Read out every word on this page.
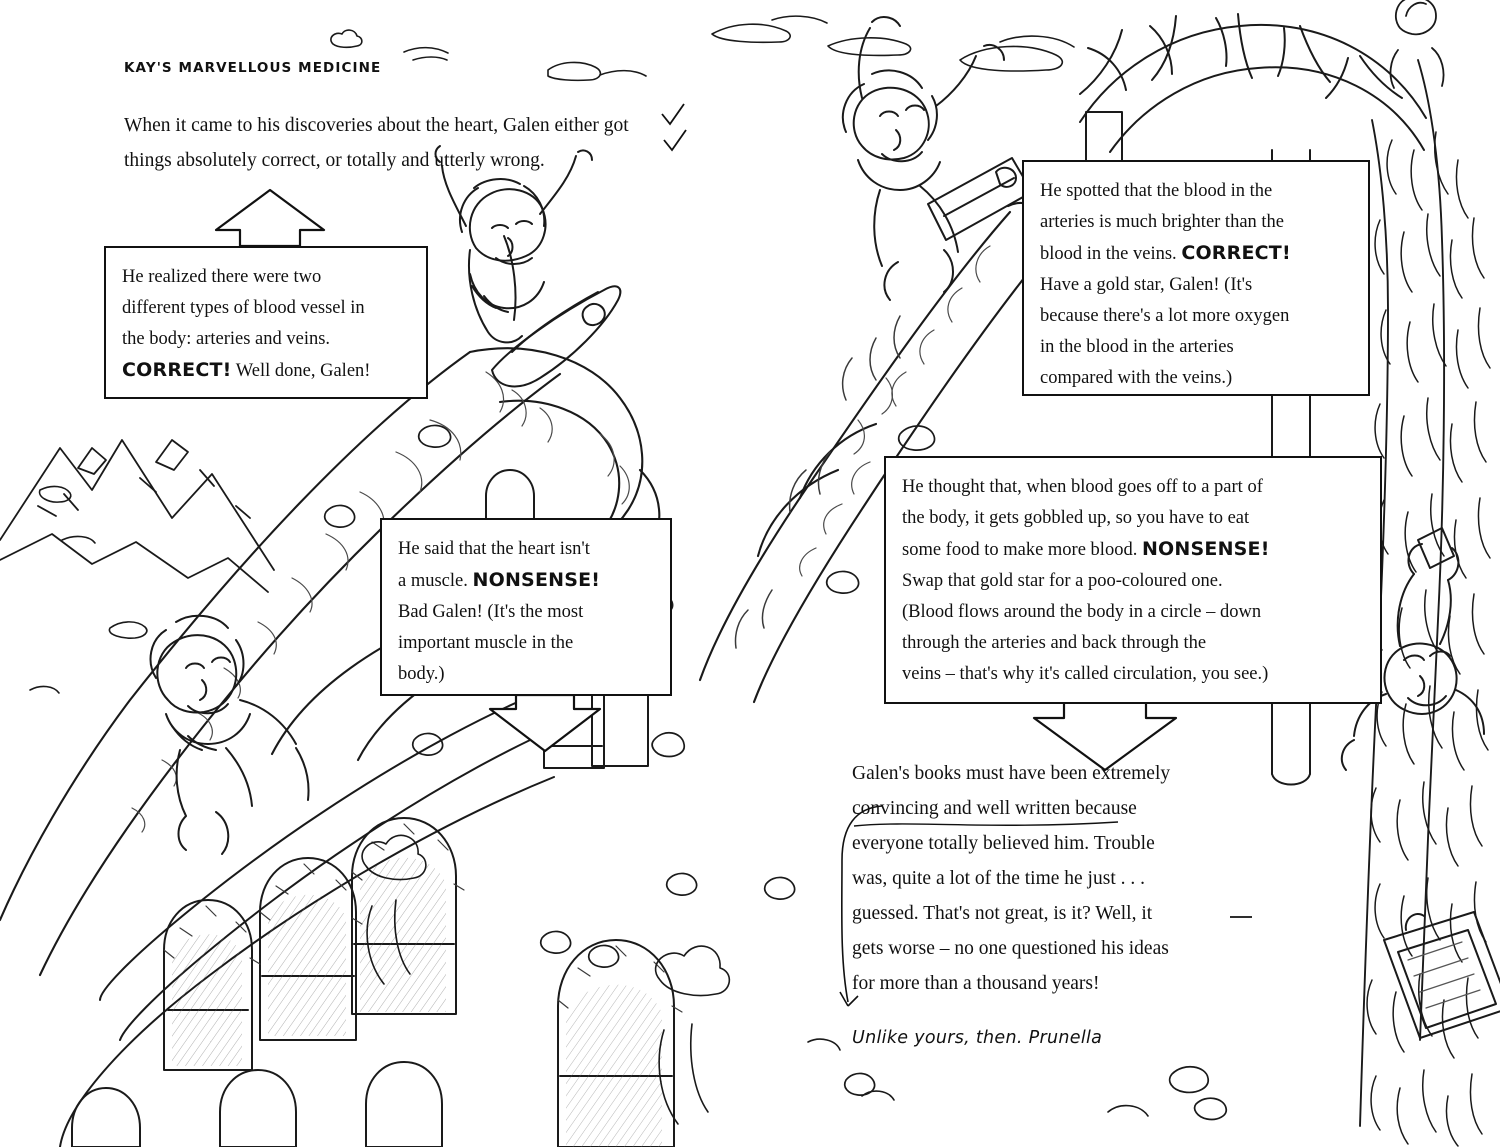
KAY'S MARVELLOUS MEDICINE
When it came to his discoveries about the heart, Galen either got things absolutely correct, or totally and utterly wrong.
He realized there were two
different types of blood vessel in
the body: arteries and veins.
CORRECT! Well done, Galen!
He said that the heart isn't
a muscle. NONSENSE!
Bad Galen! (It's the most
important muscle in the
body.)
He spotted that the blood in the
arteries is much brighter than the
blood in the veins. CORRECT!
Have a gold star, Galen! (It's
because there's a lot more oxygen
in the blood in the arteries
compared with the veins.)
He thought that, when blood goes off to a part of
the body, it gets gobbled up, so you have to eat
some food to make more blood. NONSENSE!
Swap that gold star for a poo-coloured one.
(Blood flows around the body in a circle – down
through the arteries and back through the
veins – that's why it's called circulation, you see.)
Galen's books must have been extremely
convincing and well written because
everyone totally believed him. Trouble
was, quite a lot of the time he just . . .
guessed. That's not great, is it? Well, it
gets worse – no one questioned his ideas
for more than a thousand years!
Unlike yours, then. Prunella
